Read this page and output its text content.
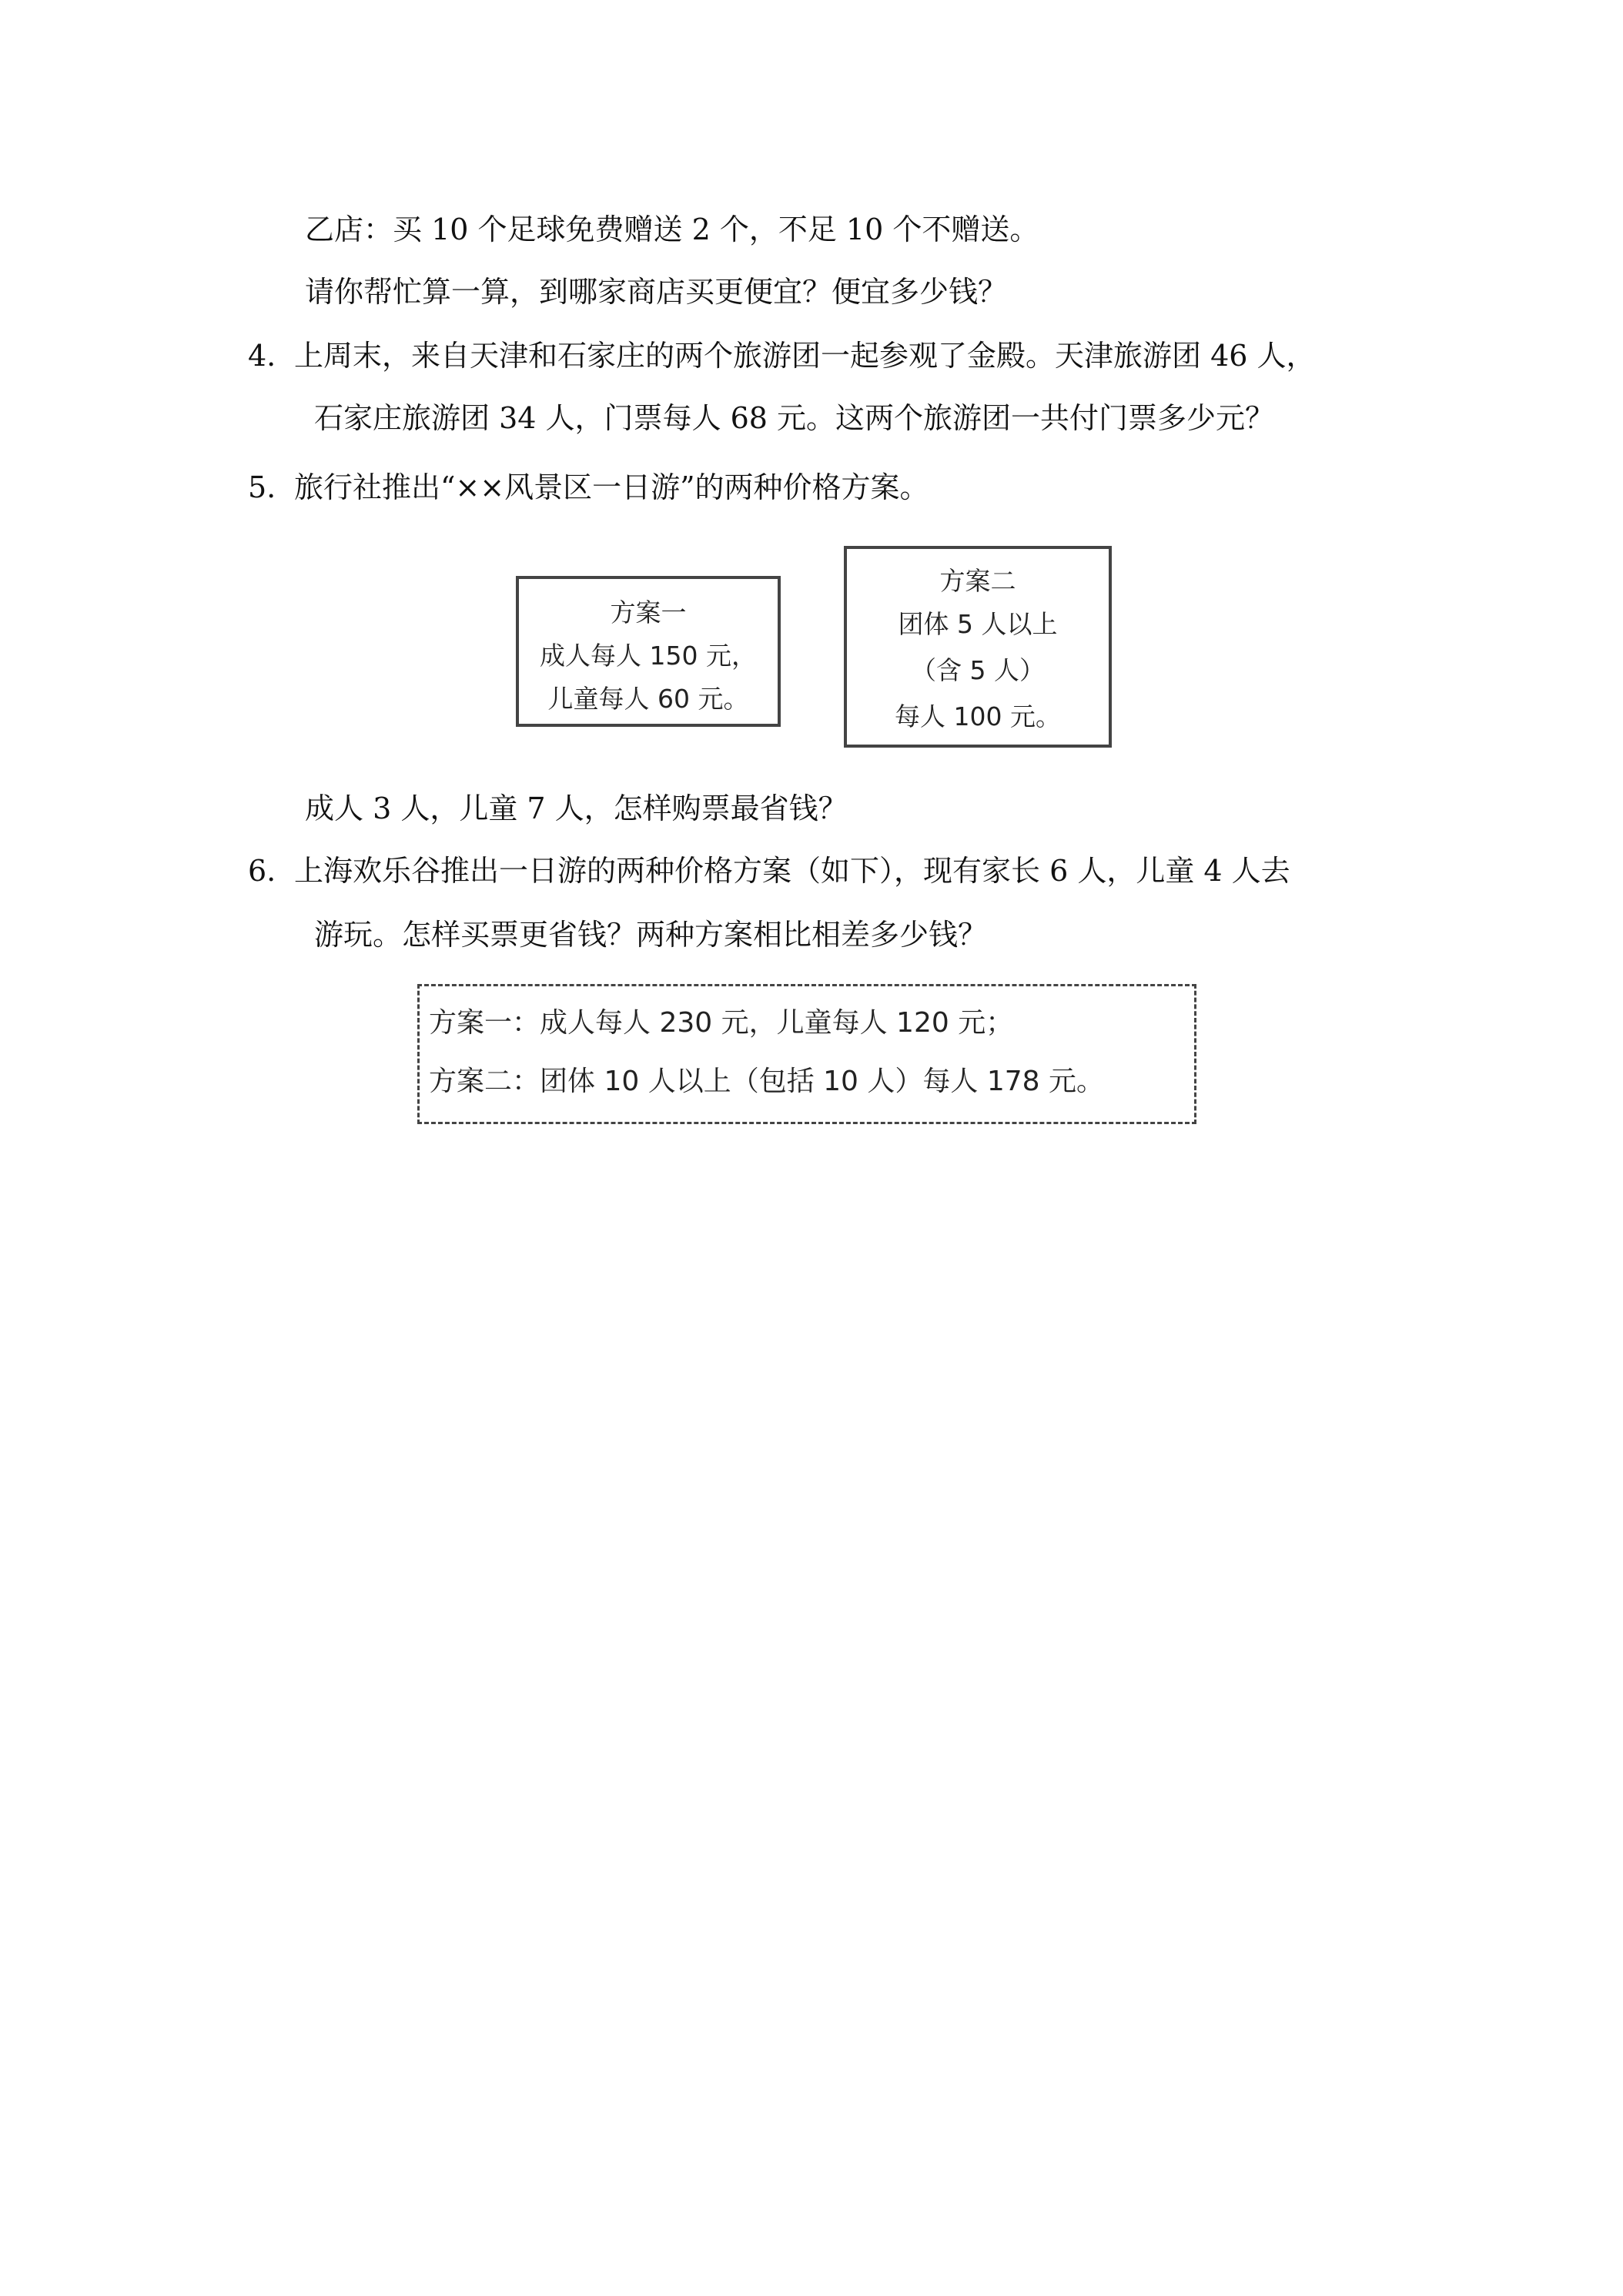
乙店：买 10 个足球免费赠送 2 个，不足 10 个不赠送。
请你帮忙算一算，到哪家商店买更便宜？便宜多少钱？
4. 上周末，来自天津和石家庄的两个旅游团一起参观了金殿。天津旅游团 46 人，
石家庄旅游团 34 人，门票每人 68 元。这两个旅游团一共付门票多少元？
5. 旅行社推出“××风景区一日游”的两种价格方案。
方案一
成人每人 150 元，
儿童每人 60 元。
方案二
团体 5 人以上
（含 5 人）
每人 100 元。
成人 3 人，儿童 7 人，怎样购票最省钱？
6. 上海欢乐谷推出一日游的两种价格方案（如下），现有家长 6 人，儿童 4 人去
游玩。怎样买票更省钱？两种方案相比相差多少钱？
方案一：成人每人 230 元，儿童每人 120 元；
方案二：团体 10 人以上（包括 10 人）每人 178 元。
